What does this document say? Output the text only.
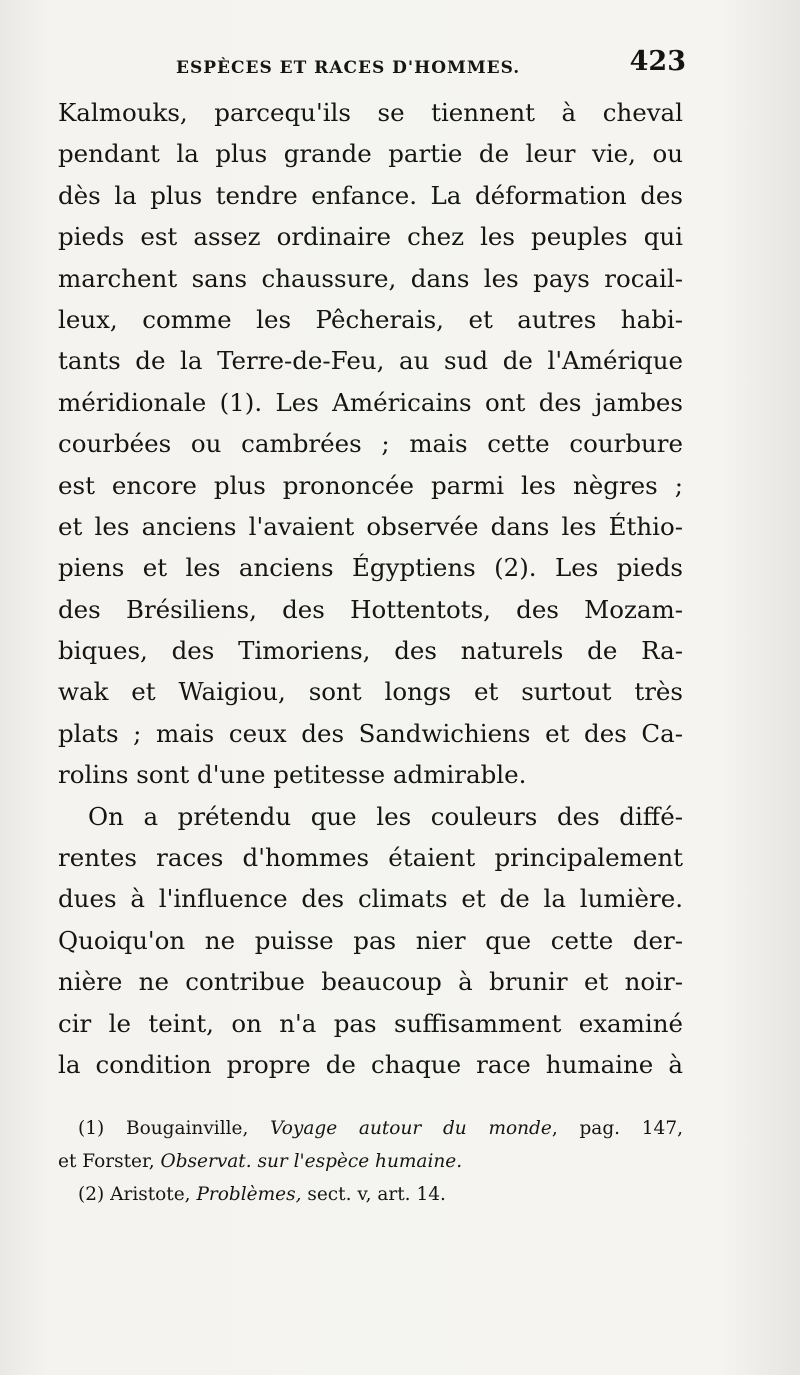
ESPÈCES ET RACES D'HOMMES.	423
Kalmouks, parcequ'ils se tiennent à cheval
pendant la plus grande partie de leur vie, ou
dès la plus tendre enfance. La déformation des
pieds est assez ordinaire chez les peuples qui
marchent sans chaussure, dans les pays rocail-
leux, comme les Pêcherais, et autres habi-
tants de la Terre-de-Feu, au sud de l'Amérique
méridionale (1). Les Américains ont des jambes
courbées ou cambrées ; mais cette courbure
est encore plus prononcée parmi les nègres ;
et les anciens l'avaient observée dans les Éthio-
piens et les anciens Égyptiens (2). Les pieds
des Brésiliens, des Hottentots, des Mozam-
biques, des Timoriens, des naturels de Ra-
wak et Waigiou, sont longs et surtout très
plats ; mais ceux des Sandwichiens et des Ca-
rolins sont d'une petitesse admirable.
On a prétendu que les couleurs des diffé-
rentes races d'hommes étaient principalement
dues à l'influence des climats et de la lumière.
Quoiqu'on ne puisse pas nier que cette der-
nière ne contribue beaucoup à brunir et noir-
cir le teint, on n'a pas suffisamment examiné
la condition propre de chaque race humaine à
(1) Bougainville, Voyage autour du monde, pag. 147,
et Forster, Observat. sur l'espèce humaine.
(2) Aristote, Problèmes, sect. v, art. 14.
